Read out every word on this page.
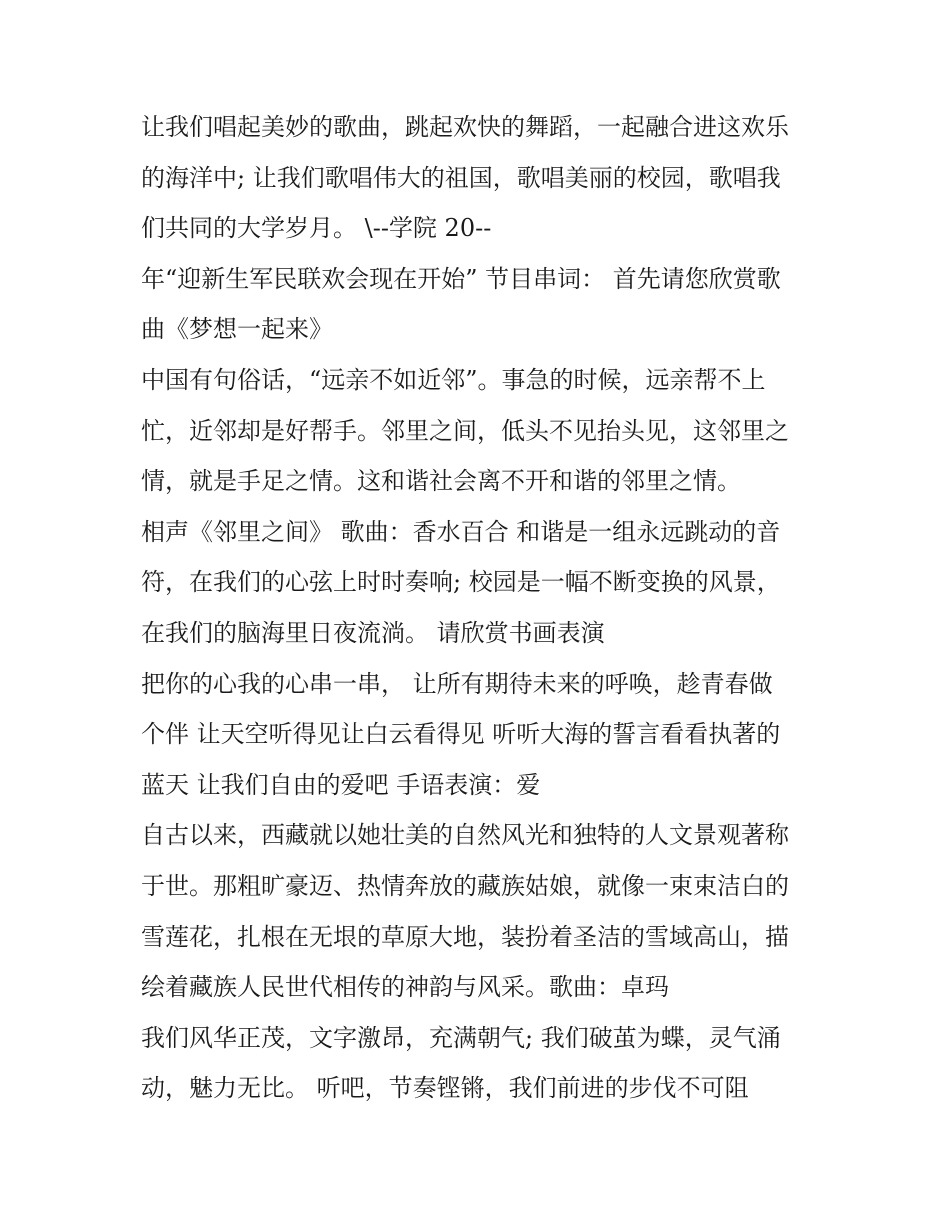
让我们唱起美妙的歌曲，跳起欢快的舞蹈，一起融合进这欢乐
的海洋中; 让我们歌唱伟大的祖国，歌唱美丽的校园，歌唱我
们共同的大学岁月。 \--学院 20--
年“迎新生军民联欢会现在开始” 节目串词： 首先请您欣赏歌
曲《梦想一起来》
中国有句俗话，“远亲不如近邻”。事急的时候，远亲帮不上
忙，近邻却是好帮手。邻里之间，低头不见抬头见，这邻里之
情，就是手足之情。这和谐社会离不开和谐的邻里之情。
相声《邻里之间》 歌曲：香水百合 和谐是一组永远跳动的音
符，在我们的心弦上时时奏响; 校园是一幅不断变换的风景，
在我们的脑海里日夜流淌。 请欣赏书画表演
把你的心我的心串一串， 让所有期待未来的呼唤，趁青春做
个伴 让天空听得见让白云看得见 听听大海的誓言看看执著的
蓝天 让我们自由的爱吧 手语表演：爱
自古以来，西藏就以她壮美的自然风光和独特的人文景观著称
于世。那粗旷豪迈、热情奔放的藏族姑娘，就像一束束洁白的
雪莲花，扎根在无垠的草原大地，装扮着圣洁的雪域高山，描
绘着藏族人民世代相传的神韵与风采。歌曲：卓玛
我们风华正茂，文字激昂，充满朝气; 我们破茧为蝶，灵气涌
动，魅力无比。 听吧，节奏铿锵，我们前进的步伐不可阻
